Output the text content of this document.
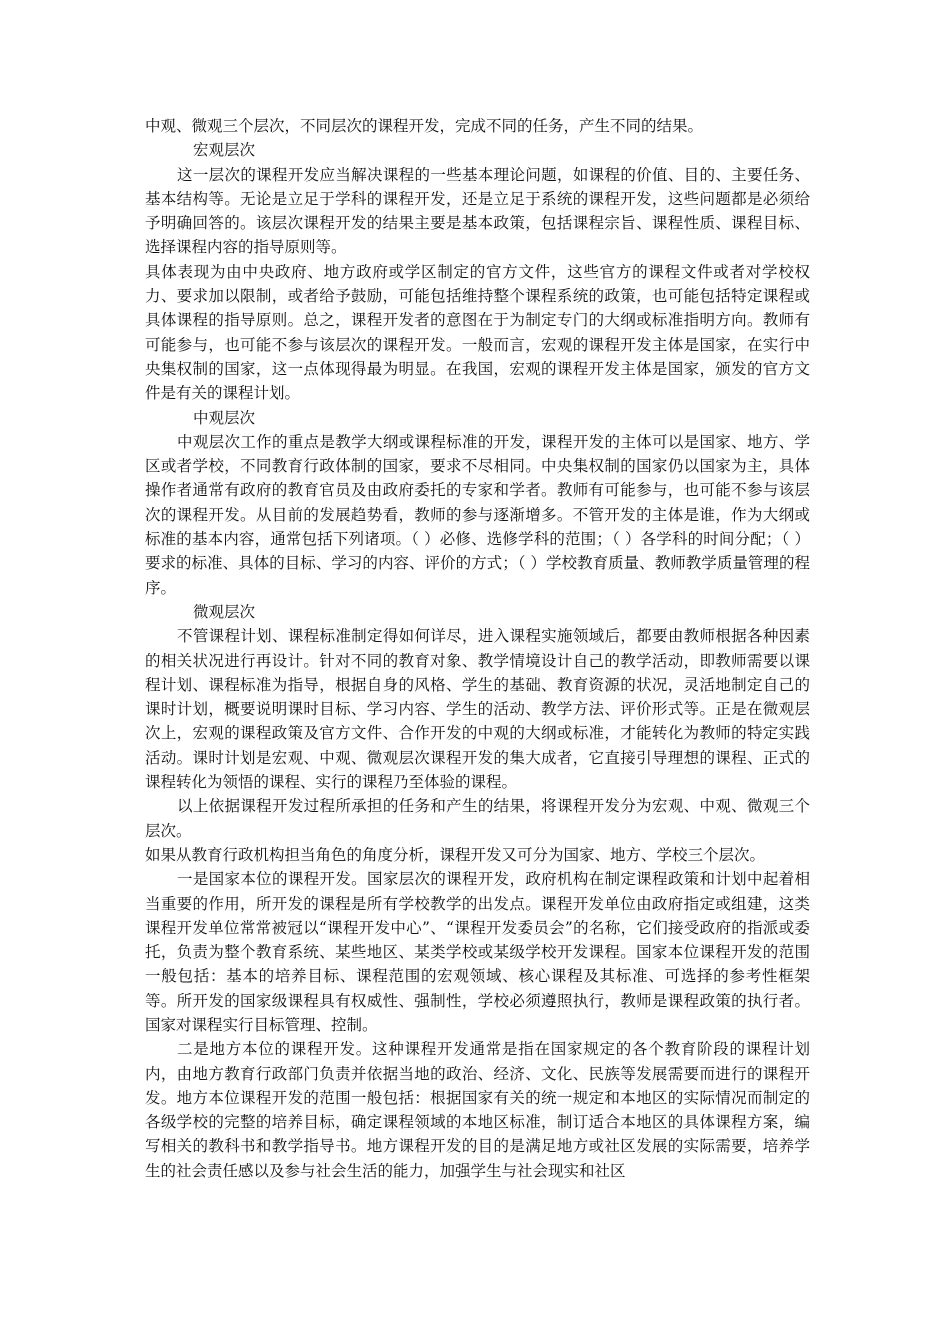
中观、微观三个层次，不同层次的课程开发，完成不同的任务，产生不同的结果。

宏观层次

这一层次的课程开发应当解决课程的一些基本理论问题，如课程的价值、目的、主要任务、基本结构等。无论是立足于学科的课程开发，还是立足于系统的课程开发，这些问题都是必须给予明确回答的。该层次课程开发的结果主要是基本政策，包括课程宗旨、课程性质、课程目标、选择课程内容的指导原则等。

具体表现为由中央政府、地方政府或学区制定的官方文件，这些官方的课程文件或者对学校权力、要求加以限制，或者给予鼓励，可能包括维持整个课程系统的政策，也可能包括特定课程或具体课程的指导原则。总之，课程开发者的意图在于为制定专门的大纲或标准指明方向。教师有可能参与，也可能不参与该层次的课程开发。一般而言，宏观的课程开发主体是国家，在实行中央集权制的国家，这一点体现得最为明显。在我国，宏观的课程开发主体是国家，颁发的官方文件是有关的课程计划。

中观层次

中观层次工作的重点是教学大纲或课程标准的开发，课程开发的主体可以是国家、地方、学区或者学校，不同教育行政体制的国家，要求不尽相同。中央集权制的国家仍以国家为主，具体操作者通常有政府的教育官员及由政府委托的专家和学者。教师有可能参与，也可能不参与该层次的课程开发。从目前的发展趋势看，教师的参与逐渐增多。不管开发的主体是谁，作为大纲或标准的基本内容，通常包括下列诸项。（ ）必修、选修学科的范围；（ ）各学科的时间分配；（ ）要求的标准、具体的目标、学习的内容、评价的方式；（ ）学校教育质量、教师教学质量管理的程序。

微观层次

不管课程计划、课程标准制定得如何详尽，进入课程实施领域后，都要由教师根据各种因素的相关状况进行再设计。针对不同的教育对象、教学情境设计自己的教学活动，即教师需要以课程计划、课程标准为指导，根据自身的风格、学生的基础、教育资源的状况，灵活地制定自己的课时计划，概要说明课时目标、学习内容、学生的活动、教学方法、评价形式等。正是在微观层次上，宏观的课程政策及官方文件、合作开发的中观的大纲或标准，才能转化为教师的特定实践活动。课时计划是宏观、中观、微观层次课程开发的集大成者，它直接引导理想的课程、正式的课程转化为领悟的课程、实行的课程乃至体验的课程。

以上依据课程开发过程所承担的任务和产生的结果，将课程开发分为宏观、中观、微观三个层次。

如果从教育行政机构担当角色的角度分析，课程开发又可分为国家、地方、学校三个层次。

一是国家本位的课程开发。国家层次的课程开发，政府机构在制定课程政策和计划中起着相当重要的作用，所开发的课程是所有学校教学的出发点。课程开发单位由政府指定或组建，这类课程开发单位常常被冠以“课程开发中心”、“课程开发委员会”的名称，它们接受政府的指派或委托，负责为整个教育系统、某些地区、某类学校或某级学校开发课程。国家本位课程开发的范围一般包括：基本的培养目标、课程范围的宏观领域、核心课程及其标准、可选择的参考性框架等。所开发的国家级课程具有权威性、强制性，学校必须遵照执行，教师是课程政策的执行者。国家对课程实行目标管理、控制。

二是地方本位的课程开发。这种课程开发通常是指在国家规定的各个教育阶段的课程计划内，由地方教育行政部门负责并依据当地的政治、经济、文化、民族等发展需要而进行的课程开发。地方本位课程开发的范围一般包括：根据国家有关的统一规定和本地区的实际情况而制定的各级学校的完整的培养目标，确定课程领域的本地区标准，制订适合本地区的具体课程方案，编写相关的教科书和教学指导书。地方课程开发的目的是满足地方或社区发展的实际需要，培养学生的社会责任感以及参与社会生活的能力，加强学生与社会现实和社区
